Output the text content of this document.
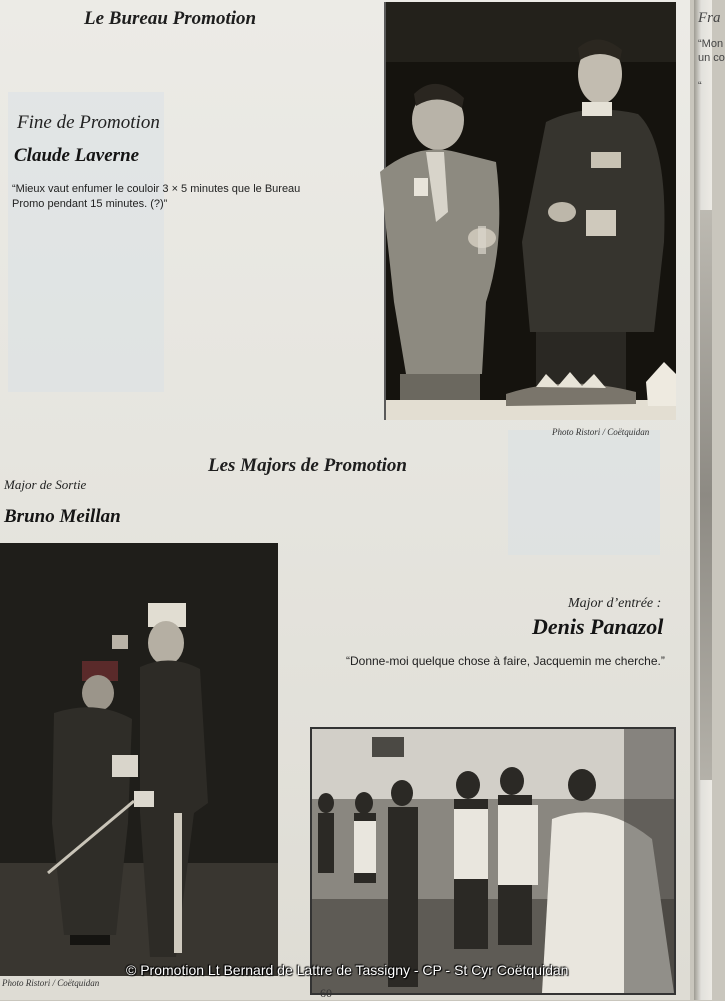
Le Bureau Promotion
Fine de Promotion
Claude Laverne
“Mieux vaut enfumer le couloir 3 × 5 minutes que le Bureau Promo pendant 15 minutes. (?)”
Photo Ristori / Coëtquidan
Les Majors de Promotion
Major de Sortie
Bruno Meillan
Photo Ristori / Coëtquidan
Major d’entrée :
Denis Panazol
“Donne-moi quelque chose à faire, Jacquemin me cherche.”
60
© Promotion Lt Bernard de Lattre de Tassigny - CP - St Cyr Coëtquidan
Fra
“Mon
un co
“
